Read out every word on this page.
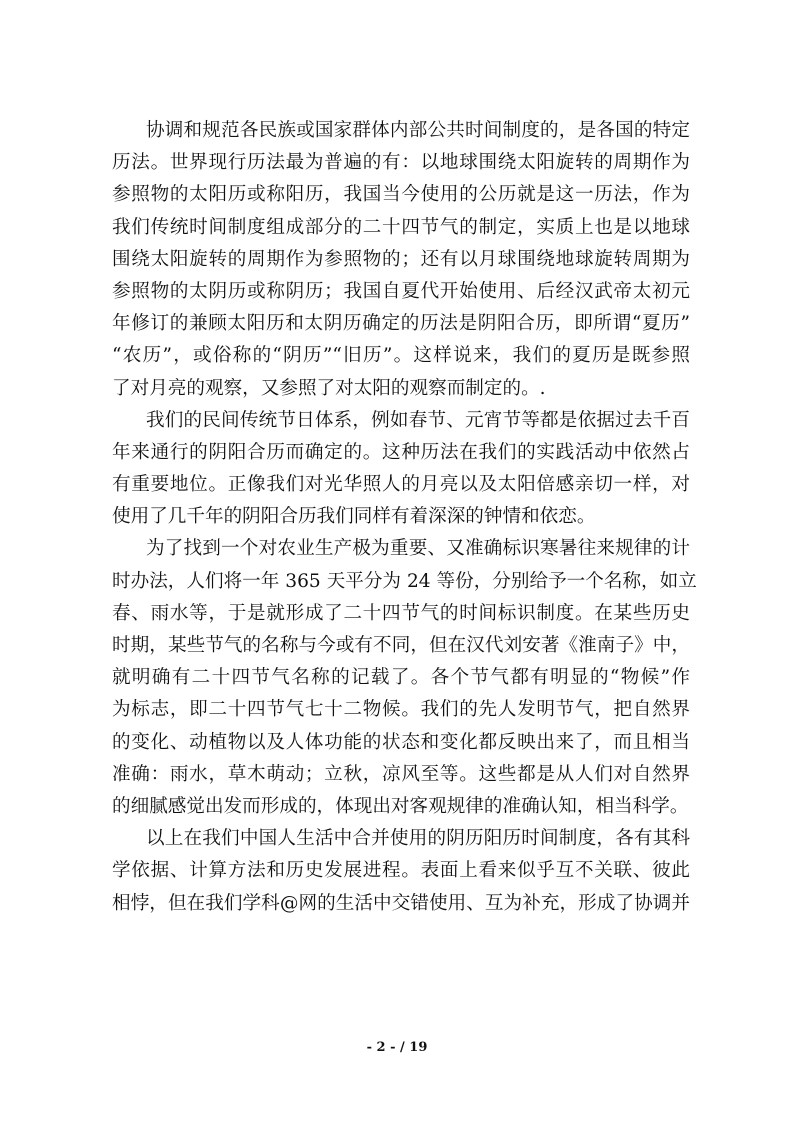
协调和规范各民族或国家群体内部公共时间制度的，是各国的特定
历法。世界现行历法最为普遍的有：以地球围绕太阳旋转的周期作为
参照物的太阳历或称阳历，我国当今使用的公历就是这一历法，作为
我们传统时间制度组成部分的二十四节气的制定，实质上也是以地球
围绕太阳旋转的周期作为参照物的；还有以月球围绕地球旋转周期为
参照物的太阴历或称阴历；我国自夏代开始使用、后经汉武帝太初元
年修订的兼顾太阳历和太阴历确定的历法是阴阳合历，即所谓“夏历”
“农历”，或俗称的“阴历”“旧历”。这样说来，我们的夏历是既参照
了对月亮的观察，又参照了对太阳的观察而制定的。.
我们的民间传统节日体系，例如春节、元宵节等都是依据过去千百
年来通行的阴阳合历而确定的。这种历法在我们的实践活动中依然占
有重要地位。正像我们对光华照人的月亮以及太阳倍感亲切一样，对
使用了几千年的阴阳合历我们同样有着深深的钟情和依恋。
为了找到一个对农业生产极为重要、又准确标识寒暑往来规律的计
时办法，人们将一年 365 天平分为 24 等份，分别给予一个名称，如立
春、雨水等，于是就形成了二十四节气的时间标识制度。在某些历史
时期，某些节气的名称与今或有不同，但在汉代刘安著《淮南子》中，
就明确有二十四节气名称的记载了。各个节气都有明显的“物候”作
为标志，即二十四节气七十二物候。我们的先人发明节气，把自然界
的变化、动植物以及人体功能的状态和变化都反映出来了，而且相当
准确：雨水，草木萌动；立秋，凉风至等。这些都是从人们对自然界
的细腻感觉出发而形成的，体现出对客观规律的准确认知，相当科学。
以上在我们中国人生活中合并使用的阴历阳历时间制度，各有其科
学依据、计算方法和历史发展进程。表面上看来似乎互不关联、彼此
相悖，但在我们学科@网的生活中交错使用、互为补充，形成了协调并
- 2 - / 19
